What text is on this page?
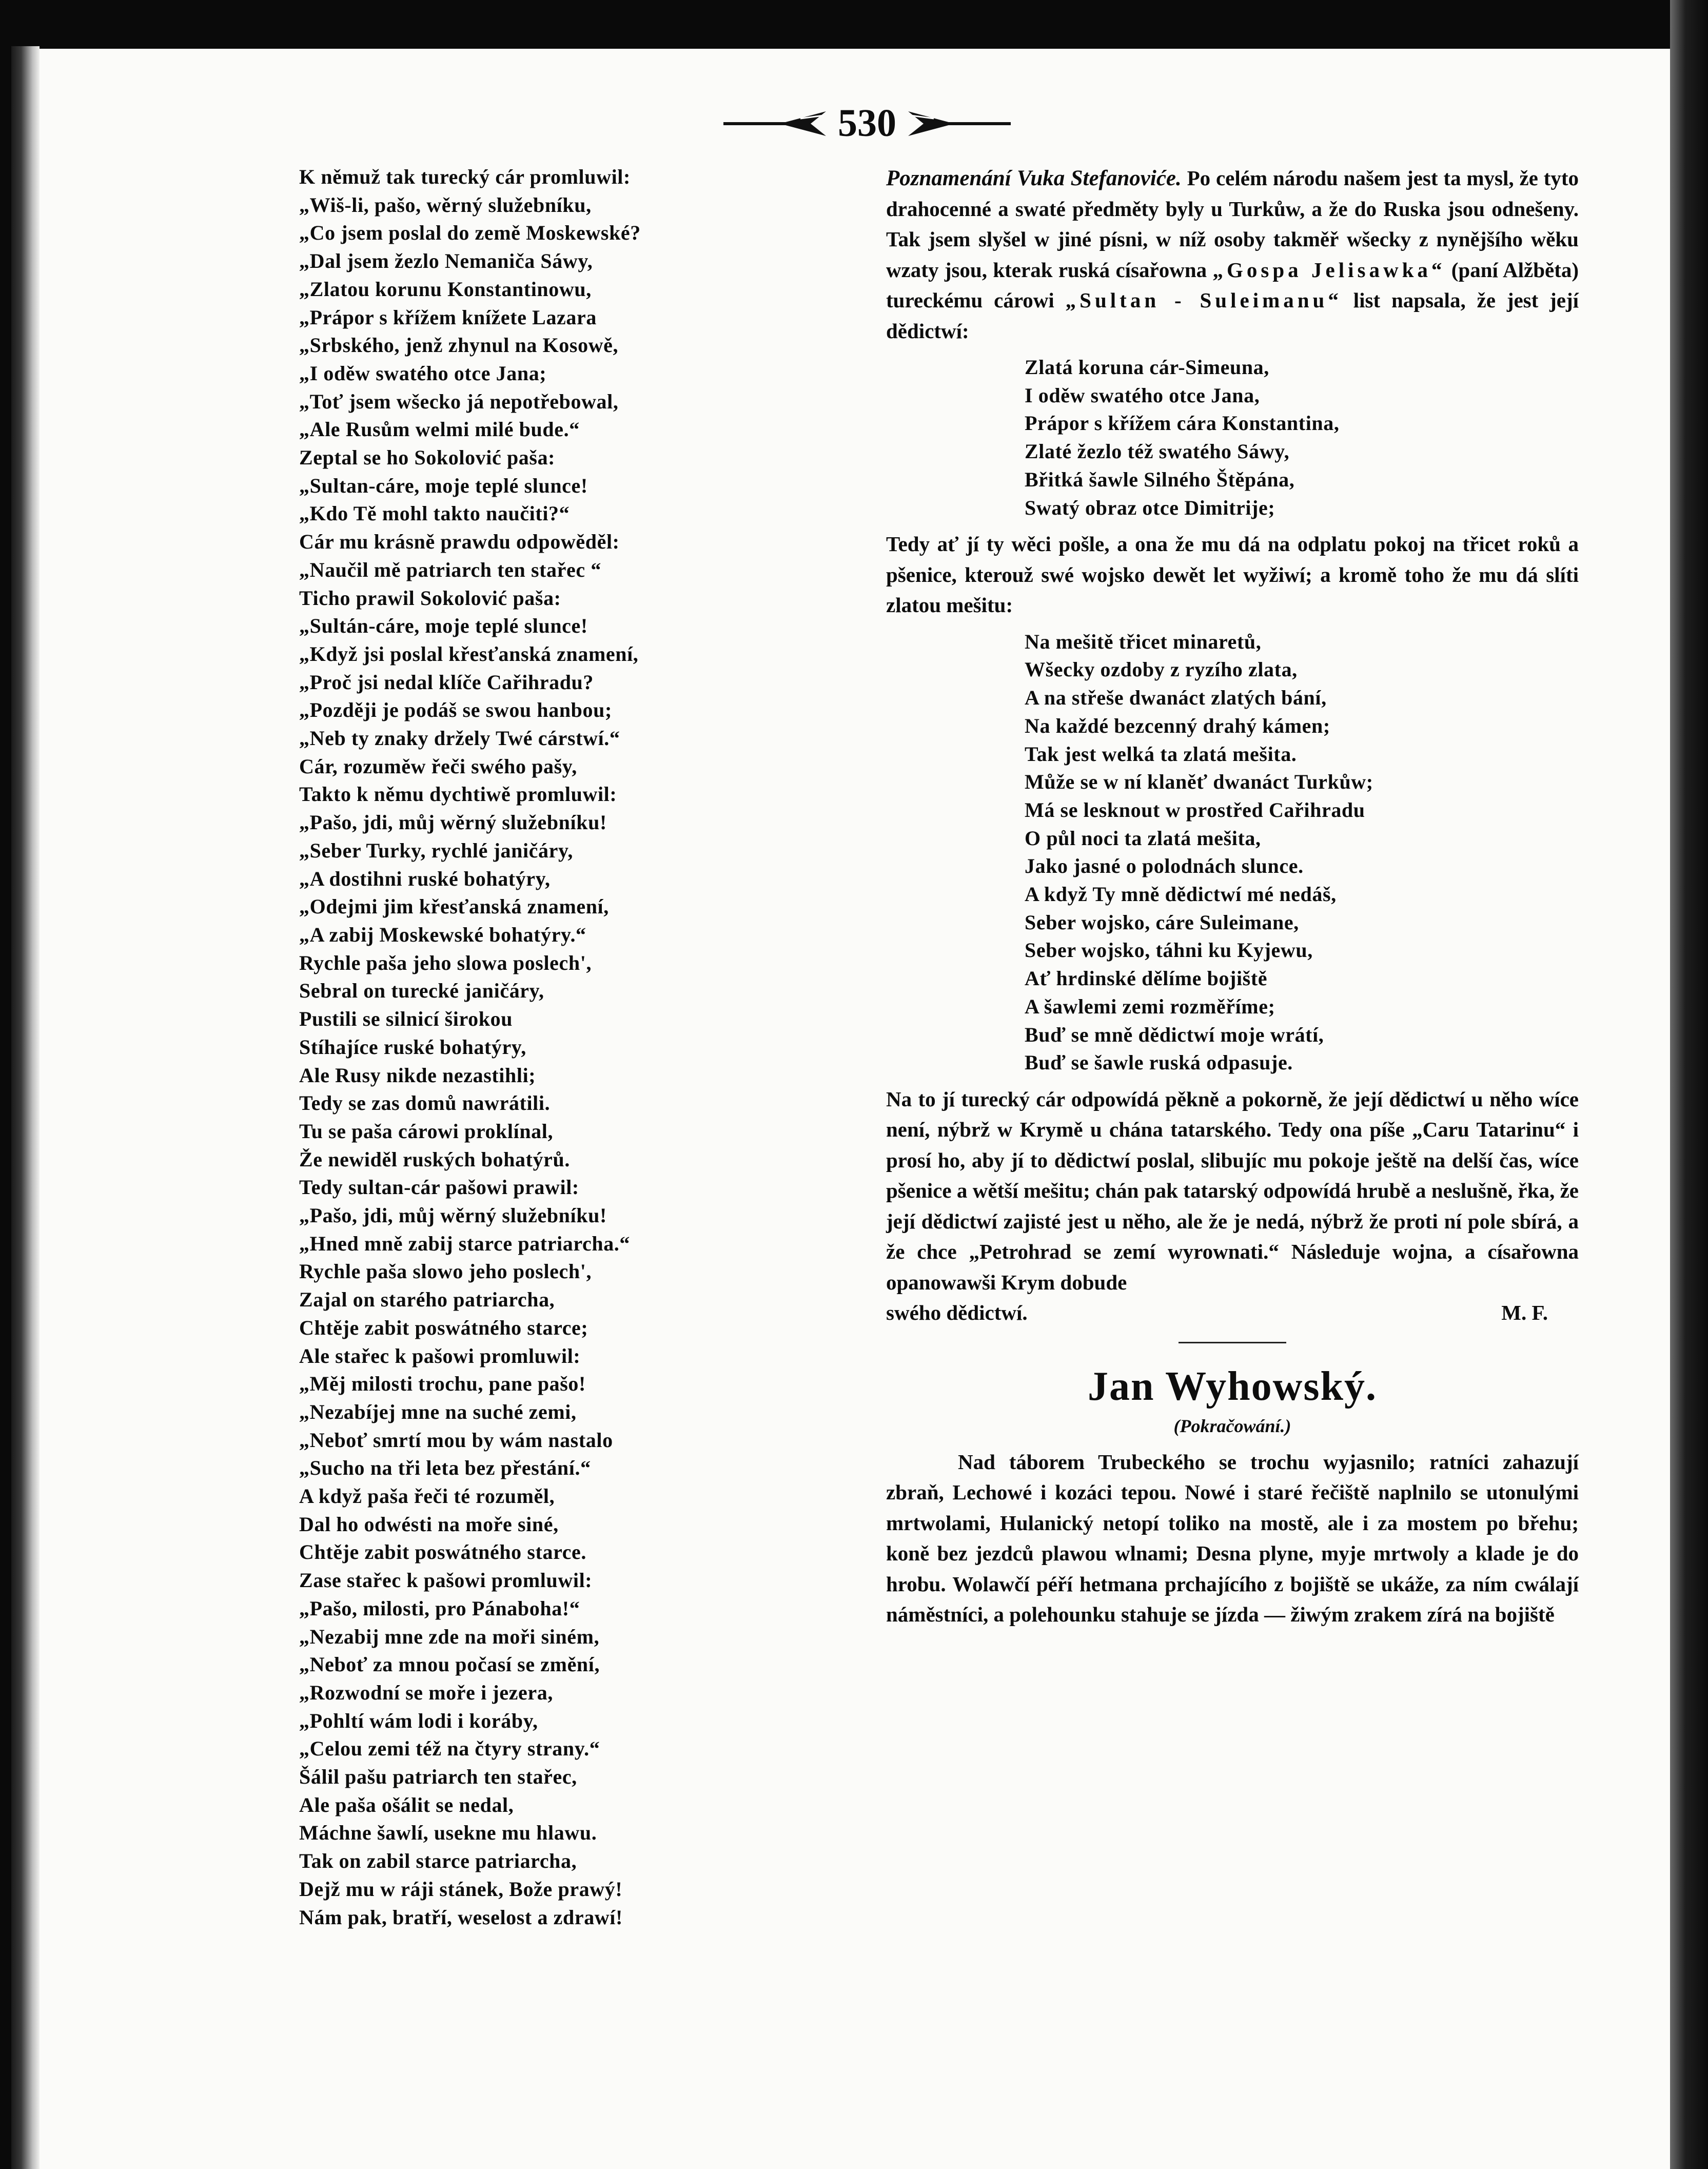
530

K němuž tak turecký cár promluwil:

„Wiš-li, pašo, wěrný služebníku,

„Co jsem poslal do země Moskewské?

„Dal jsem žezlo Nemaniča Sáwy,

„Zlatou korunu Konstantinowu,

„Prápor s křížem knížete Lazara

„Srbského, jenž zhynul na Kosowě,

„I oděw swatého otce Jana;

„Toť jsem wšecko já nepotřebowal,

„Ale Rusům welmi milé bude.“

Zeptal se ho Sokolović paša:

„Sultan-cáre, moje teplé slunce!

„Kdo Tě mohl takto naučiti?“

Cár mu krásně prawdu odpowěděl:

„Naučil mě patriarch ten stařec “

Ticho prawil Sokolović paša:

„Sultán-cáre, moje teplé slunce!

„Když jsi poslal křesťanská znamení,

„Proč jsi nedal klíče Cařihradu?

„Později je podáš se swou hanbou;

„Neb ty znaky držely Twé cárstwí.“

Cár, rozuměw řeči swého pašy,

Takto k němu dychtiwě promluwil:

„Pašo, jdi, můj wěrný služebníku!

„Seber Turky, rychlé janičáry,

„A dostihni ruské bohatýry,

„Odejmi jim křesťanská znamení,

„A zabij Moskewské bohatýry.“

Rychle paša jeho slowa poslech',

Sebral on turecké janičáry,

Pustili se silnicí širokou

Stíhajíce ruské bohatýry,

Ale Rusy nikde nezastihli;

Tedy se zas domů nawrátili.

Tu se paša cárowi proklínal,

Že newiděl ruských bohatýrů.

Tedy sultan-cár pašowi prawil:

„Pašo, jdi, můj wěrný služebníku!

„Hned mně zabij starce patriarcha.“

Rychle paša slowo jeho poslech',

Zajal on starého patriarcha,

Chtěje zabit poswátného starce;

Ale stařec k pašowi promluwil:

„Měj milosti trochu, pane pašo!

„Nezabíjej mne na suché zemi,

„Neboť smrtí mou by wám nastalo

„Sucho na tři leta bez přestání.“

A když paša řeči té rozuměl,

Dal ho odwésti na moře siné,

Chtěje zabit poswátného starce.

Zase stařec k pašowi promluwil:

„Pašo, milosti, pro Pánaboha!“

„Nezabij mne zde na moři siném,

„Neboť za mnou počasí se změní,

„Rozwodní se moře i jezera,

„Pohltí wám lodi i koráby,

„Celou zemi též na čtyry strany.“

Šálil pašu patriarch ten stařec,

Ale paša ošálit se nedal,

Máchne šawlí, usekne mu hlawu.

Tak on zabil starce patriarcha,

Dejž mu w ráji stánek, Bože prawý!

Nám pak, bratří, weselost a zdrawí!

Poznamenání Vuka Stefanoviće. Po celém národu našem jest ta mysl, že tyto drahocenné a swaté předměty byly u Turkůw, a že do Ruska jsou odnešeny. Tak jsem slyšel w jiné písni, w níž osoby takměř wšecky z nynějšího wěku wzaty jsou, kterak ruská císařowna „Gospa Jelisawka“ (paní Alžběta) tureckému cárowi „Sultan - Suleimanu“ list napsala, že jest její dědictwí:

Zlatá koruna cár-Simeuna,

I oděw swatého otce Jana,

Prápor s křížem cára Konstantina,

Zlaté žezlo též swatého Sáwy,

Břitká šawle Silného Štěpána,

Swatý obraz otce Dimitrije;

Tedy ať jí ty wěci pošle, a ona že mu dá na odplatu pokoj na třicet roků a pšenice, kterouž swé wojsko dewět let wyžiwí; a kromě toho že mu dá slíti zlatou mešitu:

Na mešitě třicet minaretů,

Wšecky ozdoby z ryzího zlata,

A na střeše dwanáct zlatých bání,

Na každé bezcenný drahý kámen;

Tak jest welká ta zlatá mešita.

Může se w ní klaněť dwanáct Turkůw;

Má se lesknout w prostřed Cařihradu

O půl noci ta zlatá mešita,

Jako jasné o polodnách slunce.

A když Ty mně dědictwí mé nedáš,

Seber wojsko, cáre Suleimane,

Seber wojsko, táhni ku Kyjewu,

Ať hrdinské dělíme bojiště

A šawlemi zemi rozměříme;

Buď se mně dědictwí moje wrátí,

Buď se šawle ruská odpasuje.

Na to jí turecký cár odpowídá pěkně a pokorně, že její dědictwí u něho wíce není, nýbrž w Krymě u chána tatarského. Tedy ona píše „Caru Tatarinu“ i prosí ho, aby jí to dědictwí poslal, slibujíc mu pokoje ještě na delší čas, wíce pšenice a wětší mešitu; chán pak tatarský odpowídá hrubě a neslušně, řka, že její dědictwí zajisté jest u něho, ale že je nedá, nýbrž že proti ní pole sbírá, a že chce „Petrohrad se zemí wyrownati.“ Následuje wojna, a císařowna opanowawši Krym dobude

swého dědictwí.	M. F.
Jan Wyhowský.
(Pokračowání.)

Nad táborem Trubeckého se trochu wyjasnilo; ratníci zahazují zbraň, Lechowé i kozáci tepou. Nowé i staré řečiště naplnilo se utonulými mrtwolami, Hulanický netopí toliko na mostě, ale i za mostem po břehu; koně bez jezdců plawou wlnami; Desna plyne, myje mrtwoly a klade je do hrobu. Wolawčí péří hetmana prchajícího z bojiště se ukáže, za ním cwálají náměstníci, a polehounku stahuje se jízda — žiwým zrakem zírá na bojiště
